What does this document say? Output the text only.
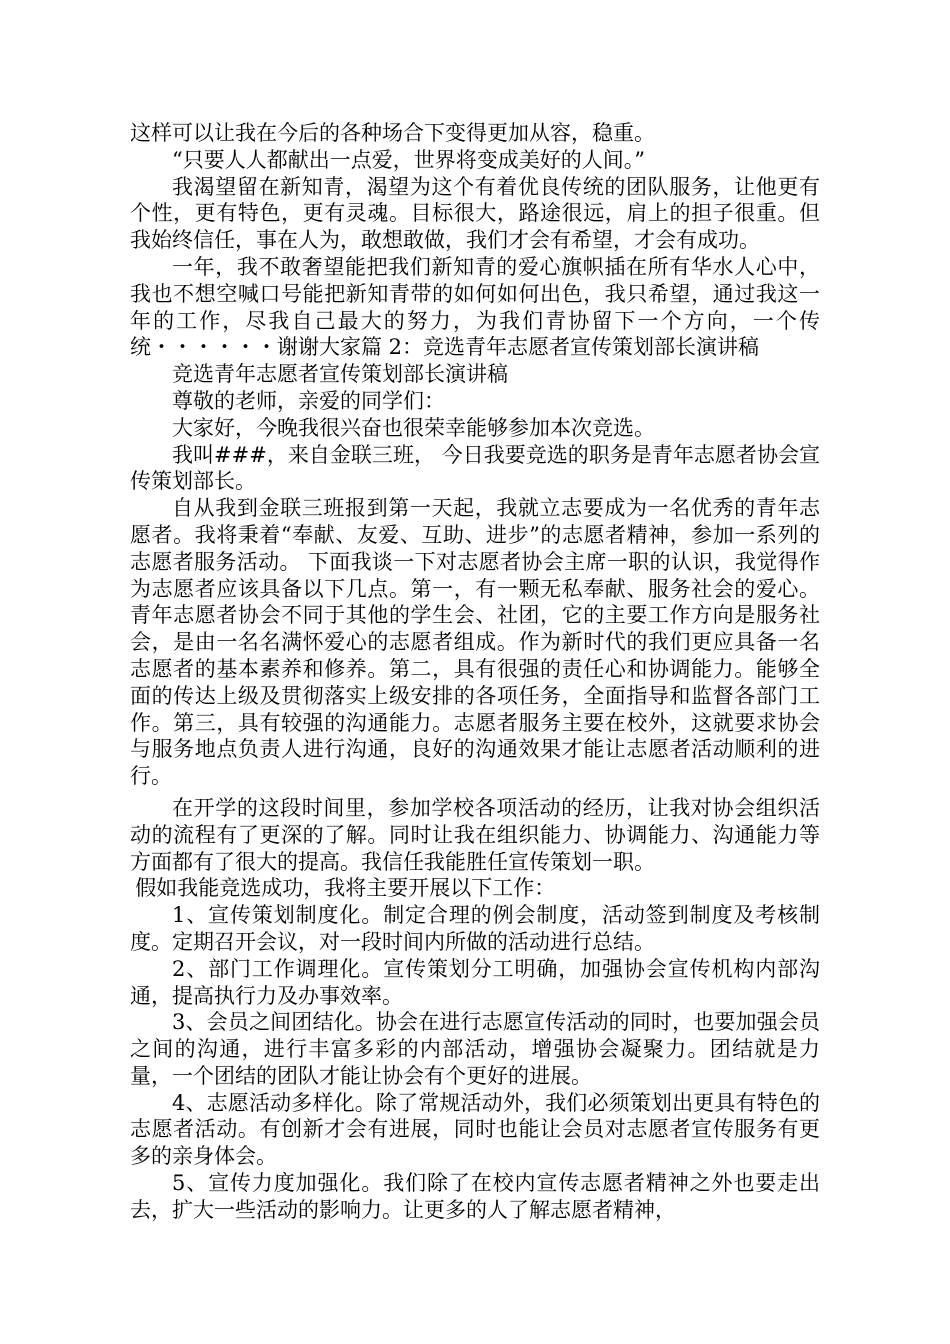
这样可以让我在今后的各种场合下变得更加从容，稳重。

“只要人人都献出一点爱，世界将变成美好的人间。”

我渴望留在新知青，渴望为这个有着优良传统的团队服务，让他更有个性，更有特色，更有灵魂。目标很大，路途很远，肩上的担子很重。但我始终信任，事在人为，敢想敢做，我们才会有希望，才会有成功。

一年，我不敢奢望能把我们新知青的爱心旗帜插在所有华水人心中，我也不想空喊口号能把新知青带的如何如何出色，我只希望，通过我这一年的工作，尽我自己最大的努力，为我们青协留下一个方向，一个传统・・・・・・谢谢大家篇 2：竞选青年志愿者宣传策划部长演讲稿

竞选青年志愿者宣传策划部长演讲稿

尊敬的老师，亲爱的同学们：

大家好，今晚我很兴奋也很荣幸能够参加本次竞选。

我叫###，来自金联三班， 今日我要竞选的职务是青年志愿者协会宣传策划部长。

自从我到金联三班报到第一天起，我就立志要成为一名优秀的青年志愿者。我将秉着“奉献、友爱、互助、进步”的志愿者精神，参加一系列的志愿者服务活动。 下面我谈一下对志愿者协会主席一职的认识，我觉得作为志愿者应该具备以下几点。第一，有一颗无私奉献、服务社会的爱心。青年志愿者协会不同于其他的学生会、社团，它的主要工作方向是服务社会，是由一名名满怀爱心的志愿者组成。作为新时代的我们更应具备一名志愿者的基本素养和修养。第二，具有很强的责任心和协调能力。能够全面的传达上级及贯彻落实上级安排的各项任务，全面指导和监督各部门工作。第三，具有较强的沟通能力。志愿者服务主要在校外，这就要求协会与服务地点负责人进行沟通，良好的沟通效果才能让志愿者活动顺利的进行。

在开学的这段时间里，参加学校各项活动的经历，让我对协会组织活动的流程有了更深的了解。同时让我在组织能力、协调能力、沟通能力等方面都有了很大的提高。我信任我能胜任宣传策划一职。

假如我能竞选成功，我将主要开展以下工作：

1、宣传策划制度化。制定合理的例会制度，活动签到制度及考核制度。定期召开会议，对一段时间内所做的活动进行总结。

2、部门工作调理化。宣传策划分工明确，加强协会宣传机构内部沟通，提高执行力及办事效率。

3、会员之间团结化。协会在进行志愿宣传活动的同时，也要加强会员之间的沟通，进行丰富多彩的内部活动，增强协会凝聚力。团结就是力量，一个团结的团队才能让协会有个更好的进展。

4、志愿活动多样化。除了常规活动外，我们必须策划出更具有特色的志愿者活动。有创新才会有进展，同时也能让会员对志愿者宣传服务有更多的亲身体会。

5、宣传力度加强化。我们除了在校内宣传志愿者精神之外也要走出去，扩大一些活动的影响力。让更多的人了解志愿者精神，
